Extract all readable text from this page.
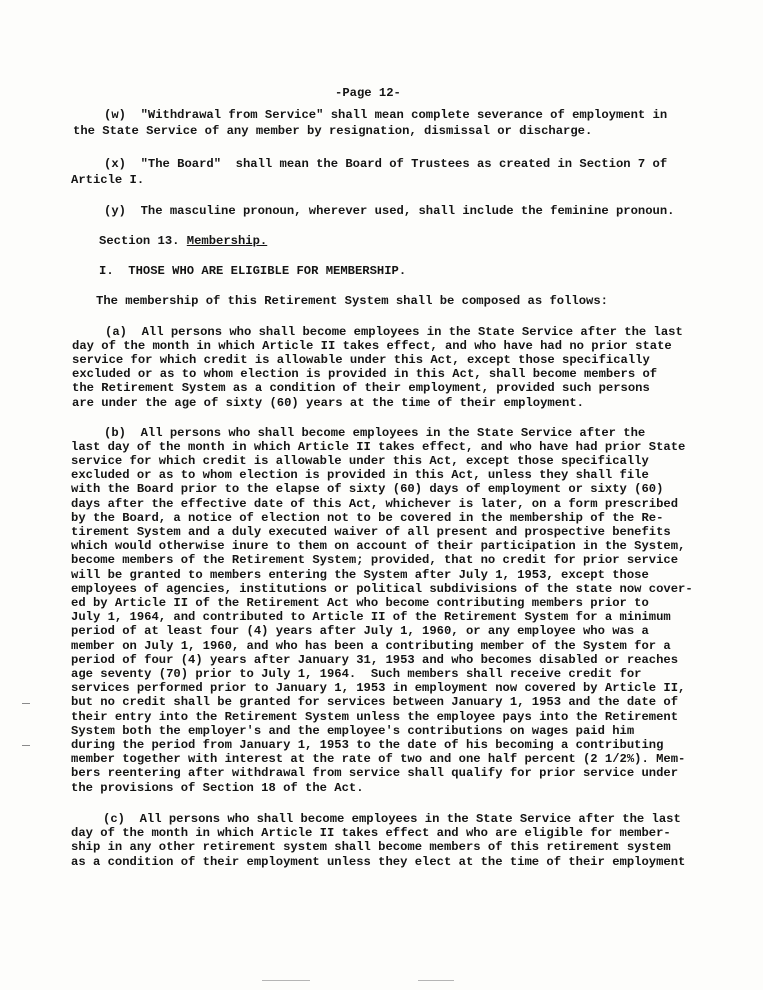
-Page 12-
(w)  "Withdrawal from Service" shall mean complete severance of employment in
the State Service of any member by resignation, dismissal or discharge.
(x)  "The Board"  shall mean the Board of Trustees as created in Section 7 of
Article I.
(y)  The masculine pronoun, wherever used, shall include the feminine pronoun.
Section 13. Membership.
I.  THOSE WHO ARE ELIGIBLE FOR MEMBERSHIP.
The membership of this Retirement System shall be composed as follows:
(a)  All persons who shall become employees in the State Service after the last
day of the month in which Article II takes effect, and who have had no prior state
service for which credit is allowable under this Act, except those specifically
excluded or as to whom election is provided in this Act, shall become members of
the Retirement System as a condition of their employment, provided such persons
are under the age of sixty (60) years at the time of their employment.
(b)  All persons who shall become employees in the State Service after the
last day of the month in which Article II takes effect, and who have had prior State
service for which credit is allowable under this Act, except those specifically
excluded or as to whom election is provided in this Act, unless they shall file
with the Board prior to the elapse of sixty (60) days of employment or sixty (60)
days after the effective date of this Act, whichever is later, on a form prescribed
by the Board, a notice of election not to be covered in the membership of the Re-
tirement System and a duly executed waiver of all present and prospective benefits
which would otherwise inure to them on account of their participation in the System,
become members of the Retirement System; provided, that no credit for prior service
will be granted to members entering the System after July 1, 1953, except those
employees of agencies, institutions or political subdivisions of the state now cover-
ed by Article II of the Retirement Act who become contributing members prior to
July 1, 1964, and contributed to Article II of the Retirement System for a minimum
period of at least four (4) years after July 1, 1960, or any employee who was a
member on July 1, 1960, and who has been a contributing member of the System for a
period of four (4) years after January 31, 1953 and who becomes disabled or reaches
age seventy (70) prior to July 1, 1964.  Such members shall receive credit for
services performed prior to January 1, 1953 in employment now covered by Article II,
but no credit shall be granted for services between January 1, 1953 and the date of
their entry into the Retirement System unless the employee pays into the Retirement
System both the employer's and the employee's contributions on wages paid him
during the period from January 1, 1953 to the date of his becoming a contributing
member together with interest at the rate of two and one half percent (2 1/2%). Mem-
bers reentering after withdrawal from service shall qualify for prior service under
the provisions of Section 18 of the Act.
(c)  All persons who shall become employees in the State Service after the last
day of the month in which Article II takes effect and who are eligible for member-
ship in any other retirement system shall become members of this retirement system
as a condition of their employment unless they elect at the time of their employment
